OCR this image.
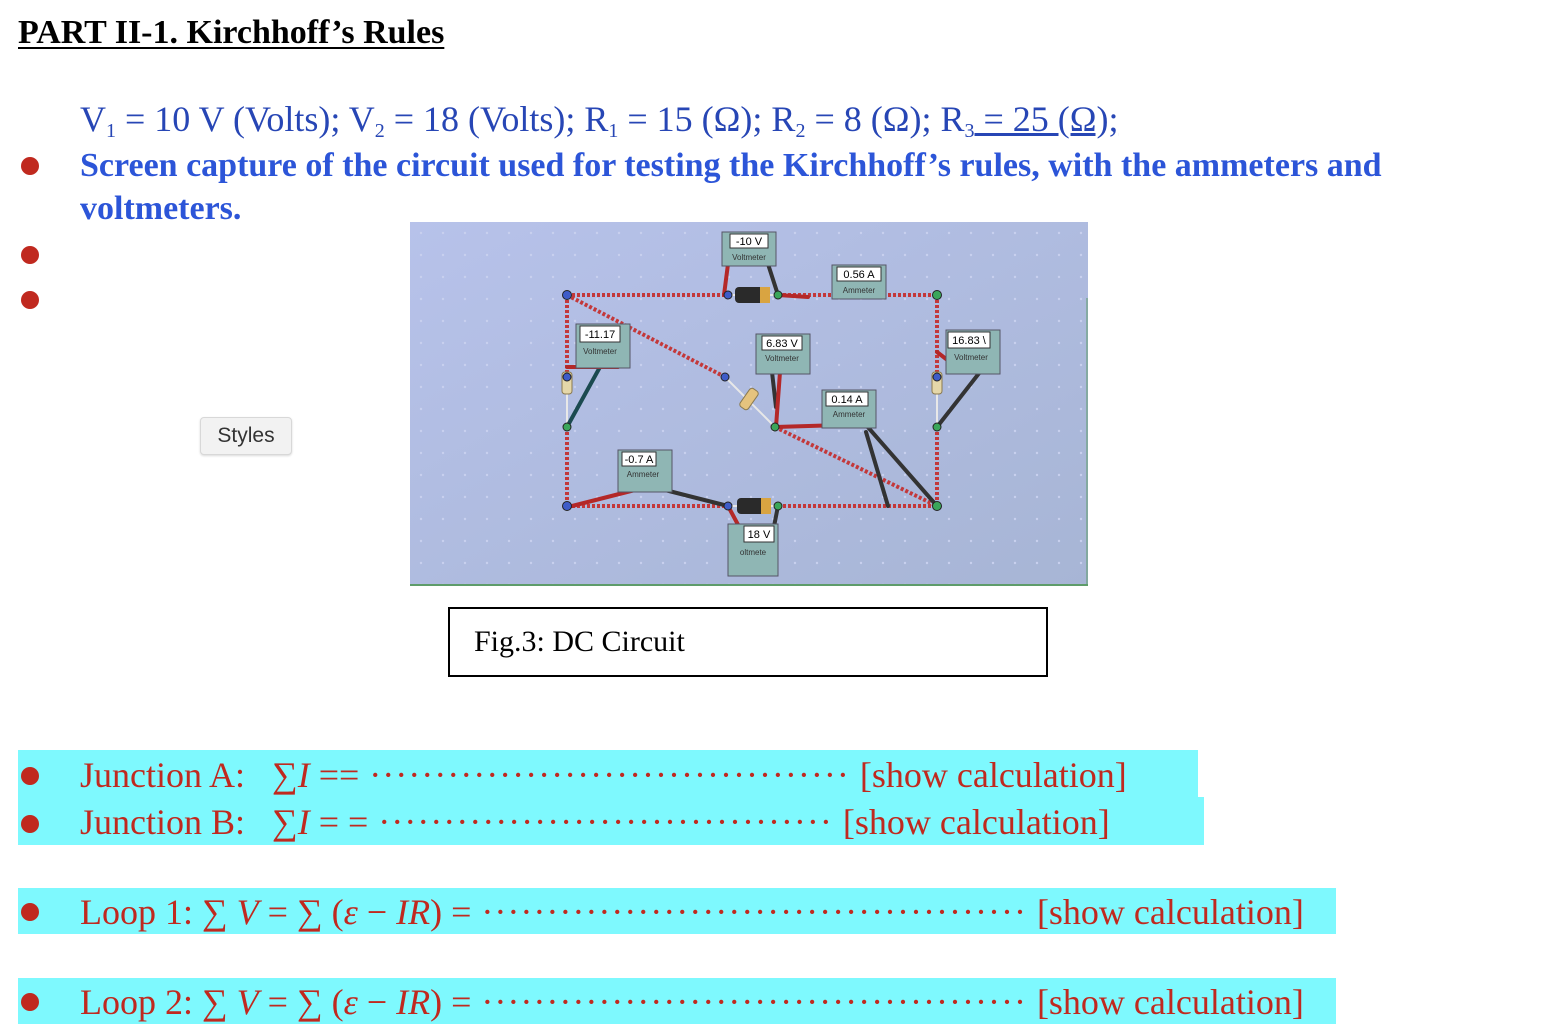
PART II-1. Kirchhoff’s Rules
$V_1 = 10$ V (Volts); $V_2 = 18$ (Volts); $R_1 = 15$ (Ω); $R_2 = 8$ (Ω); $R_3 = 25$ (Ω);
Screen capture of the circuit used for testing the Kirchhoff’s rules, with the ammeters and voltmeters.
Styles
-10 V
Voltmeter
0.56 A
Ammeter
-11.17
Voltmeter
6.83 V
Voltmeter
16.83 \
Voltmeter
0.14 A
Ammeter
-0.7 A
Ammeter
18 V
oltmete
Fig.3: DC Circuit
Junction A: ∑I == ····································· [show calculation]
Junction B: ∑I = = ··································· [show calculation]
Loop 1: ∑ V = ∑ (ε − IR) = ·········································· [show calculation]
Loop 2: ∑ V = ∑ (ε − IR) = ·········································· [show calculation]
